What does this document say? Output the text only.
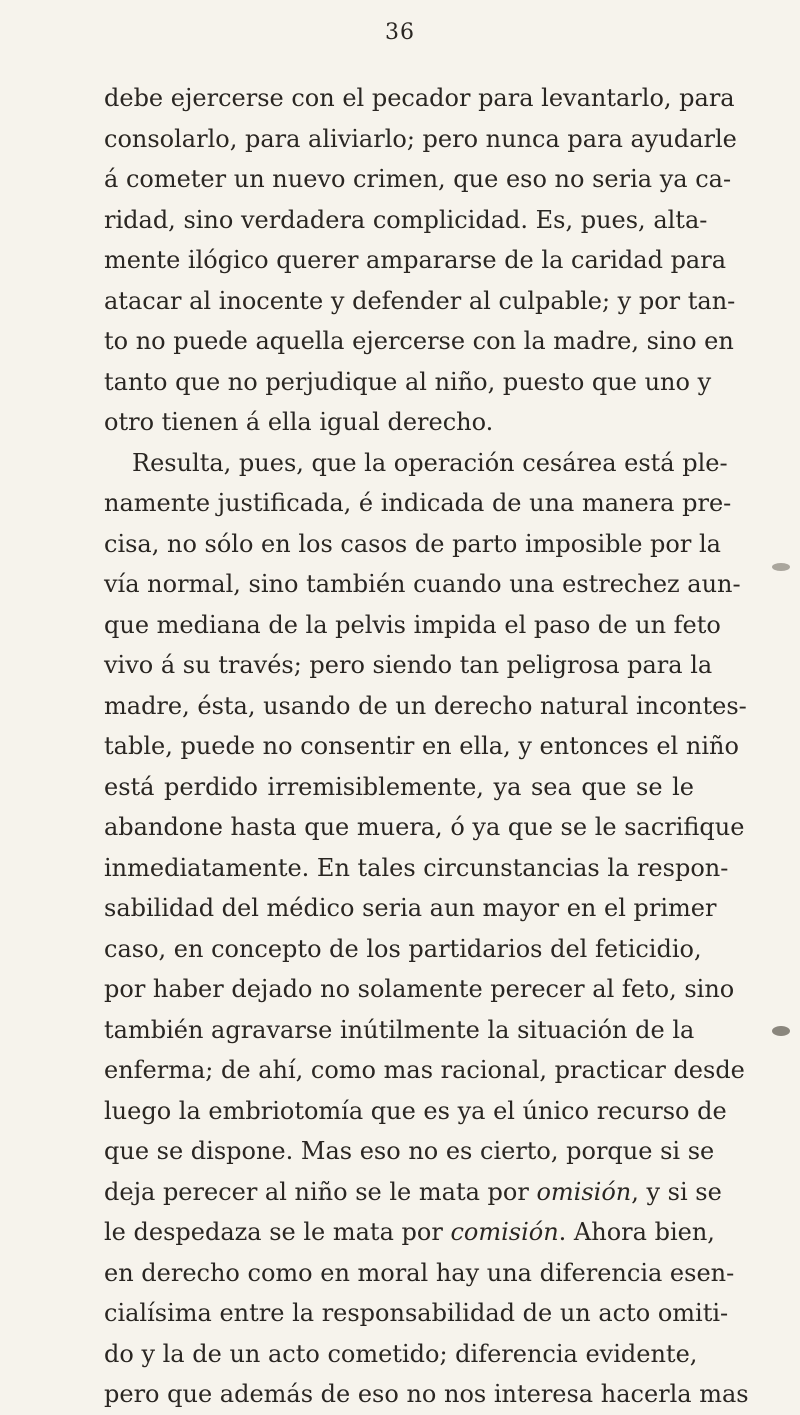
36
debe ejercerse con el pecador para levantarlo, para
consolarlo, para aliviarlo; pero nunca para ayudarle
á cometer un nuevo crimen, que eso no seria ya ca-
ridad, sino verdadera complicidad. Es, pues, alta-
mente ilógico querer ampararse de la caridad para
atacar al inocente y defender al culpable; y por tan-
to no puede aquella ejercerse con la madre, sino en
tanto que no perjudique al niño, puesto que uno y
otro tienen á ella igual derecho.
Resulta, pues, que la operación cesárea está ple-
namente justificada, é indicada de una manera pre-
cisa, no sólo en los casos de parto imposible por la
vía normal, sino también cuando una estrechez aun-
que mediana de la pelvis impida el paso de un feto
vivo á su través; pero siendo tan peligrosa para la
madre, ésta, usando de un derecho natural incontes-
table, puede no consentir en ella, y entonces el niño
está perdido irremisiblemente, ya sea que se le
abandone hasta que muera, ó ya que se le sacrifique
inmediatamente. En tales circunstancias la respon-
sabilidad del médico seria aun mayor en el primer
caso, en concepto de los partidarios del feticidio,
por haber dejado no solamente perecer al feto, sino
también agravarse inútilmente la situación de la
enferma; de ahí, como mas racional, practicar desde
luego la embriotomía que es ya el único recurso de
que se dispone. Mas eso no es cierto, porque si se
deja perecer al niño se le mata por omisión, y si se
le despedaza se le mata por comisión. Ahora bien,
en derecho como en moral hay una diferencia esen-
cialísima entre la responsabilidad de un acto omiti-
do y la de un acto cometido; diferencia evidente,
pero que además de eso no nos interesa hacerla mas
